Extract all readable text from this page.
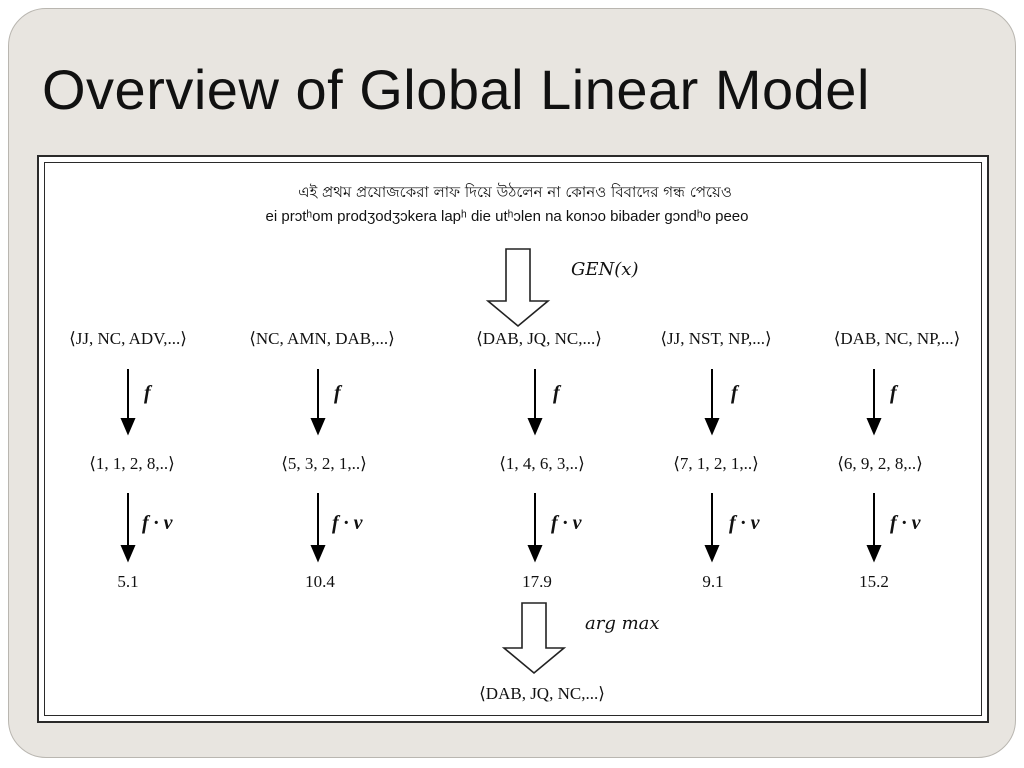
Overview of Global Linear Model
এই প্রথম প্রযোজকেরা লাফ দিয়ে উঠলেন না কোনও বিবাদের গন্ধ পেয়েও
ei prɔtʰom prodʒodʒɔkera lapʰ die utʰɔlen na konɔo bibader gɔndʰo peeo
GEN(x)
⟨JJ, NC, ADV,...⟩	⟨NC, AMN, DAB,...⟩	⟨DAB, JQ, NC,...⟩	⟨JJ, NST, NP,...⟩	⟨DAB, NC, NP,...⟩
f	f	f	f	f
⟨1, 1, 2, 8,..⟩	⟨5, 3, 2, 1,..⟩	⟨1, 4, 6, 3,..⟩	⟨7, 1, 2, 1,..⟩	⟨6, 9, 2, 8,..⟩
f · v	f · v	f · v	f · v	f · v
5.1	10.4	17.9	9.1	15.2
arg max
⟨DAB, JQ, NC,...⟩
